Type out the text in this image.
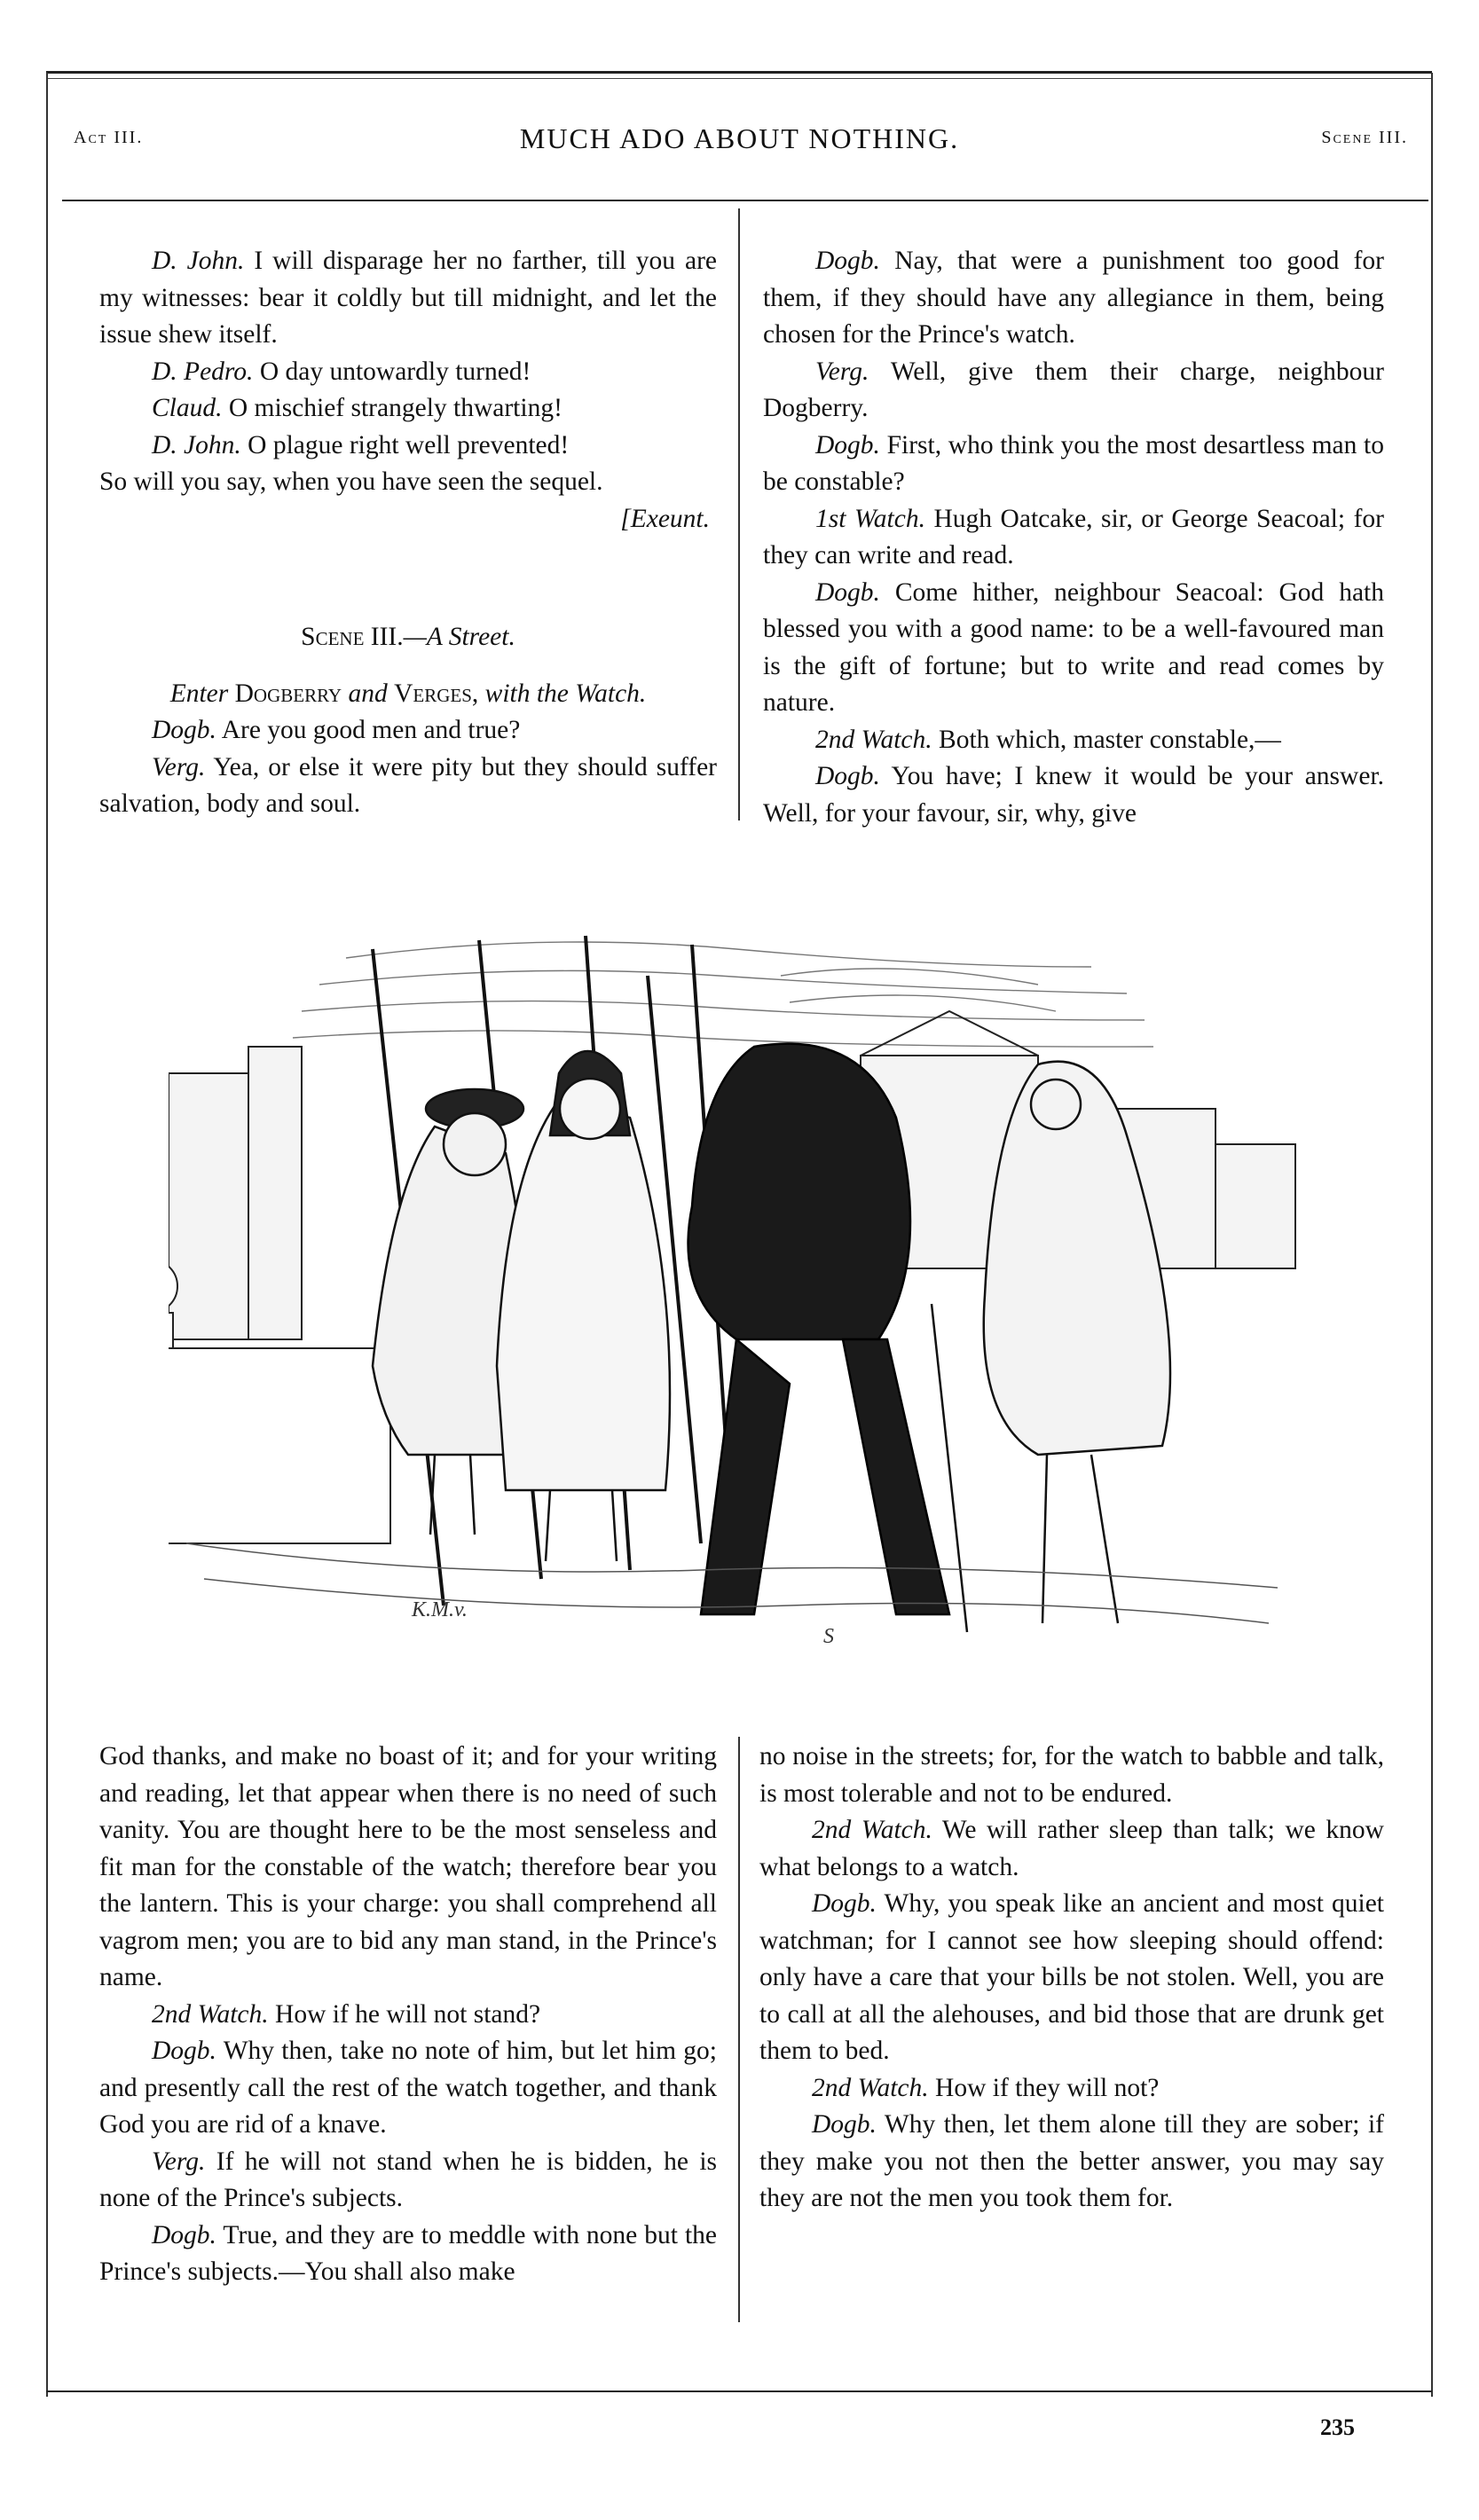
Act III.	MUCH ADO ABOUT NOTHING.	Scene III.

D. John. I will disparage her no farther, till you are my witnesses: bear it coldly but till midnight, and let the issue shew itself.

D. Pedro. O day untowardly turned!

Claud. O mischief strangely thwarting!

D. John. O plague right well prevented!

So will you say, when you have seen the sequel.

[Exeunt.

Scene III.—A Street.

Enter Dogberry and Verges, with the Watch.

Dogb. Are you good men and true?

Verg. Yea, or else it were pity but they should suffer salvation, body and soul.

Dogb. Nay, that were a punishment too good for them, if they should have any allegiance in them, being chosen for the Prince's watch.

Verg. Well, give them their charge, neighbour Dogberry.

Dogb. First, who think you the most desartless man to be constable?

1st Watch. Hugh Oatcake, sir, or George Seacoal; for they can write and read.

Dogb. Come hither, neighbour Seacoal: God hath blessed you with a good name: to be a well-favoured man is the gift of fortune; but to write and read comes by nature.

2nd Watch. Both which, master constable,—

Dogb. You have; I knew it would be your answer. Well, for your favour, sir, why, give

K.M.v.
S

God thanks, and make no boast of it; and for your writing and reading, let that appear when there is no need of such vanity. You are thought here to be the most senseless and fit man for the constable of the watch; therefore bear you the lantern. This is your charge: you shall comprehend all vagrom men; you are to bid any man stand, in the Prince's name.

2nd Watch. How if he will not stand?

Dogb. Why then, take no note of him, but let him go; and presently call the rest of the watch together, and thank God you are rid of a knave.

Verg. If he will not stand when he is bidden, he is none of the Prince's subjects.

Dogb. True, and they are to meddle with none but the Prince's subjects.—You shall also make

no noise in the streets; for, for the watch to babble and talk, is most tolerable and not to be endured.

2nd Watch. We will rather sleep than talk; we know what belongs to a watch.

Dogb. Why, you speak like an ancient and most quiet watchman; for I cannot see how sleeping should offend: only have a care that your bills be not stolen. Well, you are to call at all the alehouses, and bid those that are drunk get them to bed.

2nd Watch. How if they will not?

Dogb. Why then, let them alone till they are sober; if they make you not then the better answer, you may say they are not the men you took them for.

235
